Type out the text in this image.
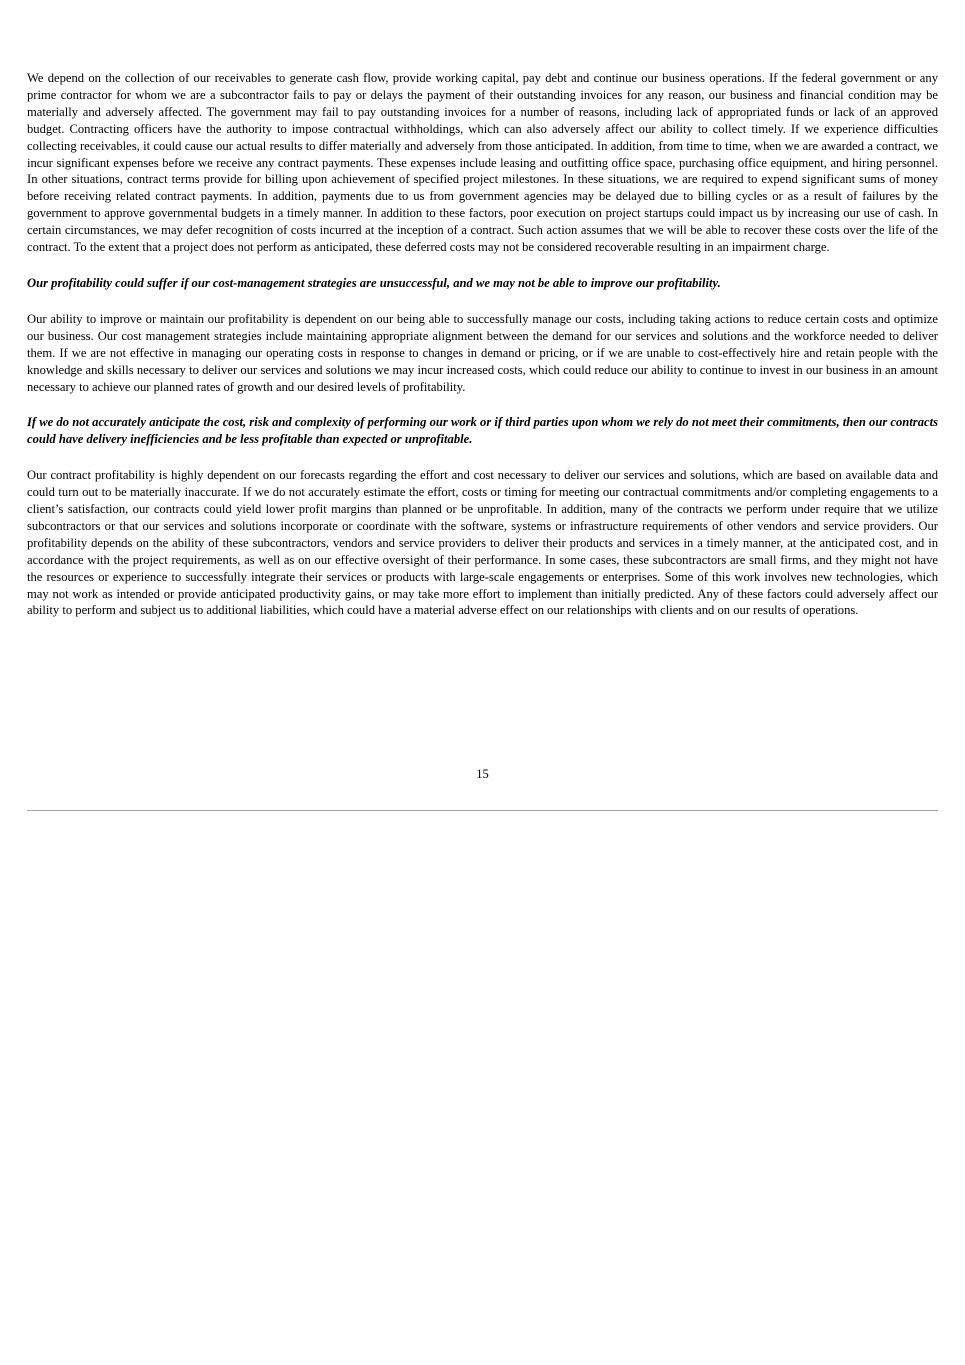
We depend on the collection of our receivables to generate cash flow, provide working capital, pay debt and continue our business operations. If the federal government or any prime contractor for whom we are a subcontractor fails to pay or delays the payment of their outstanding invoices for any reason, our business and financial condition may be materially and adversely affected. The government may fail to pay outstanding invoices for a number of reasons, including lack of appropriated funds or lack of an approved budget. Contracting officers have the authority to impose contractual withholdings, which can also adversely affect our ability to collect timely. If we experience difficulties collecting receivables, it could cause our actual results to differ materially and adversely from those anticipated. In addition, from time to time, when we are awarded a contract, we incur significant expenses before we receive any contract payments. These expenses include leasing and outfitting office space, purchasing office equipment, and hiring personnel. In other situations, contract terms provide for billing upon achievement of specified project milestones. In these situations, we are required to expend significant sums of money before receiving related contract payments. In addition, payments due to us from government agencies may be delayed due to billing cycles or as a result of failures by the government to approve governmental budgets in a timely manner. In addition to these factors, poor execution on project startups could impact us by increasing our use of cash. In certain circumstances, we may defer recognition of costs incurred at the inception of a contract. Such action assumes that we will be able to recover these costs over the life of the contract. To the extent that a project does not perform as anticipated, these deferred costs may not be considered recoverable resulting in an impairment charge.

Our profitability could suffer if our cost-management strategies are unsuccessful, and we may not be able to improve our profitability.

Our ability to improve or maintain our profitability is dependent on our being able to successfully manage our costs, including taking actions to reduce certain costs and optimize our business. Our cost management strategies include maintaining appropriate alignment between the demand for our services and solutions and the workforce needed to deliver them. If we are not effective in managing our operating costs in response to changes in demand or pricing, or if we are unable to cost-effectively hire and retain people with the knowledge and skills necessary to deliver our services and solutions we may incur increased costs, which could reduce our ability to continue to invest in our business in an amount necessary to achieve our planned rates of growth and our desired levels of profitability.

If we do not accurately anticipate the cost, risk and complexity of performing our work or if third parties upon whom we rely do not meet their commitments, then our contracts could have delivery inefficiencies and be less profitable than expected or unprofitable.

Our contract profitability is highly dependent on our forecasts regarding the effort and cost necessary to deliver our services and solutions, which are based on available data and could turn out to be materially inaccurate. If we do not accurately estimate the effort, costs or timing for meeting our contractual commitments and/or completing engagements to a client’s satisfaction, our contracts could yield lower profit margins than planned or be unprofitable. In addition, many of the contracts we perform under require that we utilize subcontractors or that our services and solutions incorporate or coordinate with the software, systems or infrastructure requirements of other vendors and service providers. Our profitability depends on the ability of these subcontractors, vendors and service providers to deliver their products and services in a timely manner, at the anticipated cost, and in accordance with the project requirements, as well as on our effective oversight of their performance. In some cases, these subcontractors are small firms, and they might not have the resources or experience to successfully integrate their services or products with large-scale engagements or enterprises. Some of this work involves new technologies, which may not work as intended or provide anticipated productivity gains, or may take more effort to implement than initially predicted. Any of these factors could adversely affect our ability to perform and subject us to additional liabilities, which could have a material adverse effect on our relationships with clients and on our results of operations.

15
